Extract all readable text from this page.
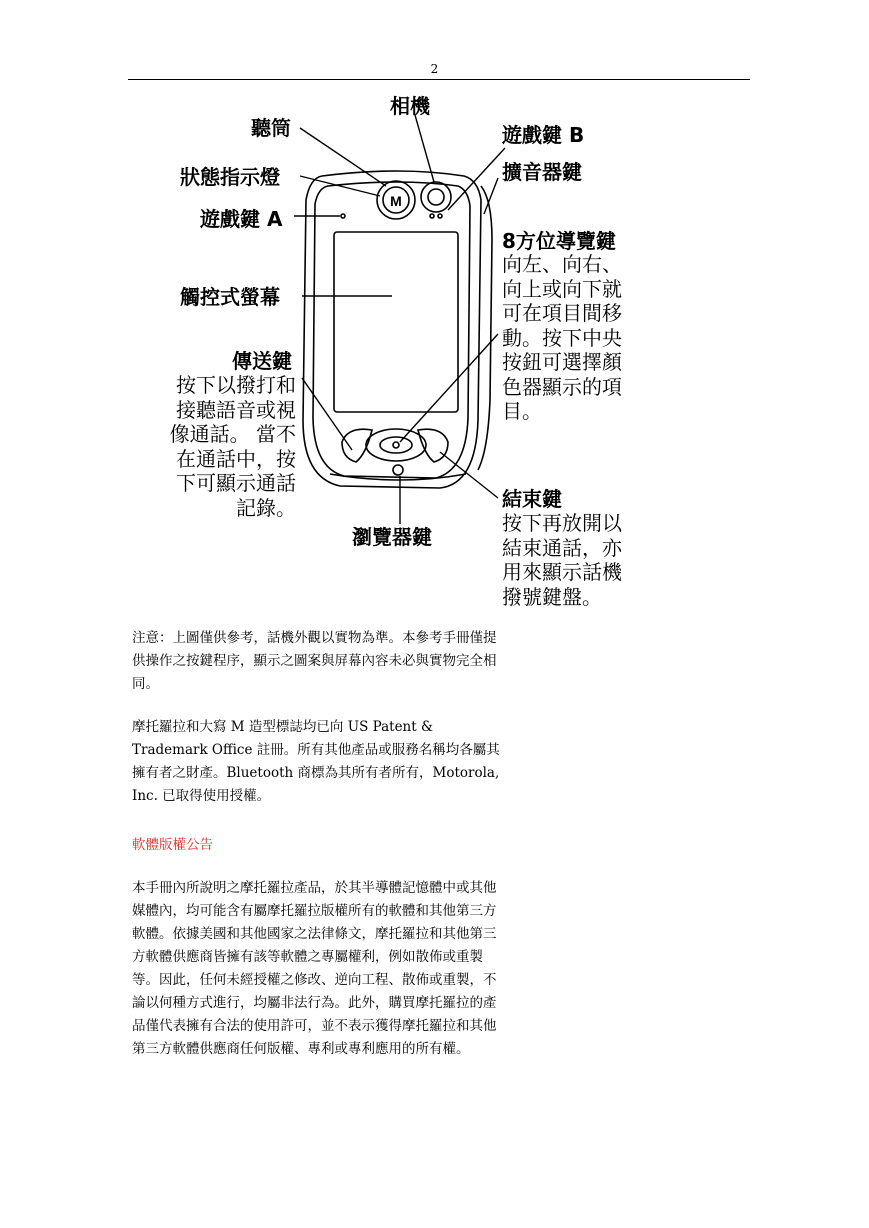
2
M
相機
聽筒	遊戲鍵 B
狀態指示燈	擴音器鍵
遊戲鍵 A
8方位導覽鍵
向左、向右、
向上或向下就
可在項目間移
動。按下中央
按鈕可選擇顏
色器顯示的項
目。
觸控式螢幕
傳送鍵
按下以撥打和
接聽語音或視
像通話。 當不
在通話中，按
下可顯示通話
記錄。	結束鍵
按下再放開以
結束通話，亦
用來顯示話機
撥號鍵盤。
瀏覽器鍵

注意：上圖僅供參考，話機外觀以實物為準。本參考手冊僅提供操作之按鍵程序，顯示之圖案與屏幕內容未必與實物完全相同。

摩托羅拉和大寫 M 造型標誌均已向 US Patent & Trademark Office 註冊。所有其他產品或服務名稱均各屬其擁有者之財產。Bluetooth 商標為其所有者所有，Motorola, Inc. 已取得使用授權。

軟體版權公告

本手冊內所說明之摩托羅拉產品，於其半導體記憶體中或其他媒體內，均可能含有屬摩托羅拉版權所有的軟體和其他第三方軟體。依據美國和其他國家之法律條文，摩托羅拉和其他第三方軟體供應商皆擁有該等軟體之專屬權利，例如散佈或重製等。因此，任何未經授權之修改、逆向工程、散佈或重製，不論以何種方式進行，均屬非法行為。此外，購買摩托羅拉的產品僅代表擁有合法的使用許可，並不表示獲得摩托羅拉和其他第三方軟體供應商任何版權、專利或專利應用的所有權。
